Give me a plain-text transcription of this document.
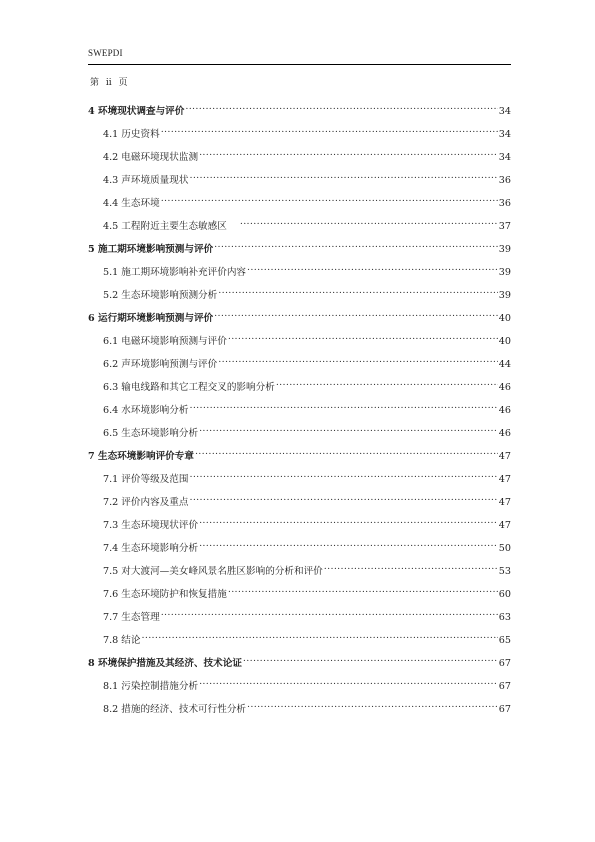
SWEPDI
第 ii 页
4 环境现状调查与评价 .....	34
4.1 历史资料 .....	34
4.2 电磁环境现状监测 .....	34
4.3 声环境质量现状 .....	36
4.4 生态环境 .....	36
4.5 工程附近主要生态敏感区 .....	37
5 施工期环境影响预测与评价 .....	39
5.1 施工期环境影响补充评价内容 .....	39
5.2 生态环境影响预测分析 .....	39
6 运行期环境影响预测与评价 .....	40
6.1 电磁环境影响预测与评价 .....	40
6.2 声环境影响预测与评价 .....	44
6.3 输电线路和其它工程交叉的影响分析 .....	46
6.4 水环境影响分析 .....	46
6.5 生态环境影响分析 .....	46
7 生态环境影响评价专章 .....	47
7.1 评价等级及范围 .....	47
7.2 评价内容及重点 .....	47
7.3 生态环境现状评价 .....	47
7.4 生态环境影响分析 .....	50
7.5 对大渡河—美女峰风景名胜区影响的分析和评价 .....	53
7.6 生态环境防护和恢复措施 .....	60
7.7 生态管理 .....	63
7.8 结论 .....	65
8 环境保护措施及其经济、技术论证 .....	67
8.1 污染控制措施分析 .....	67
8.2 措施的经济、技术可行性分析 .....	67
